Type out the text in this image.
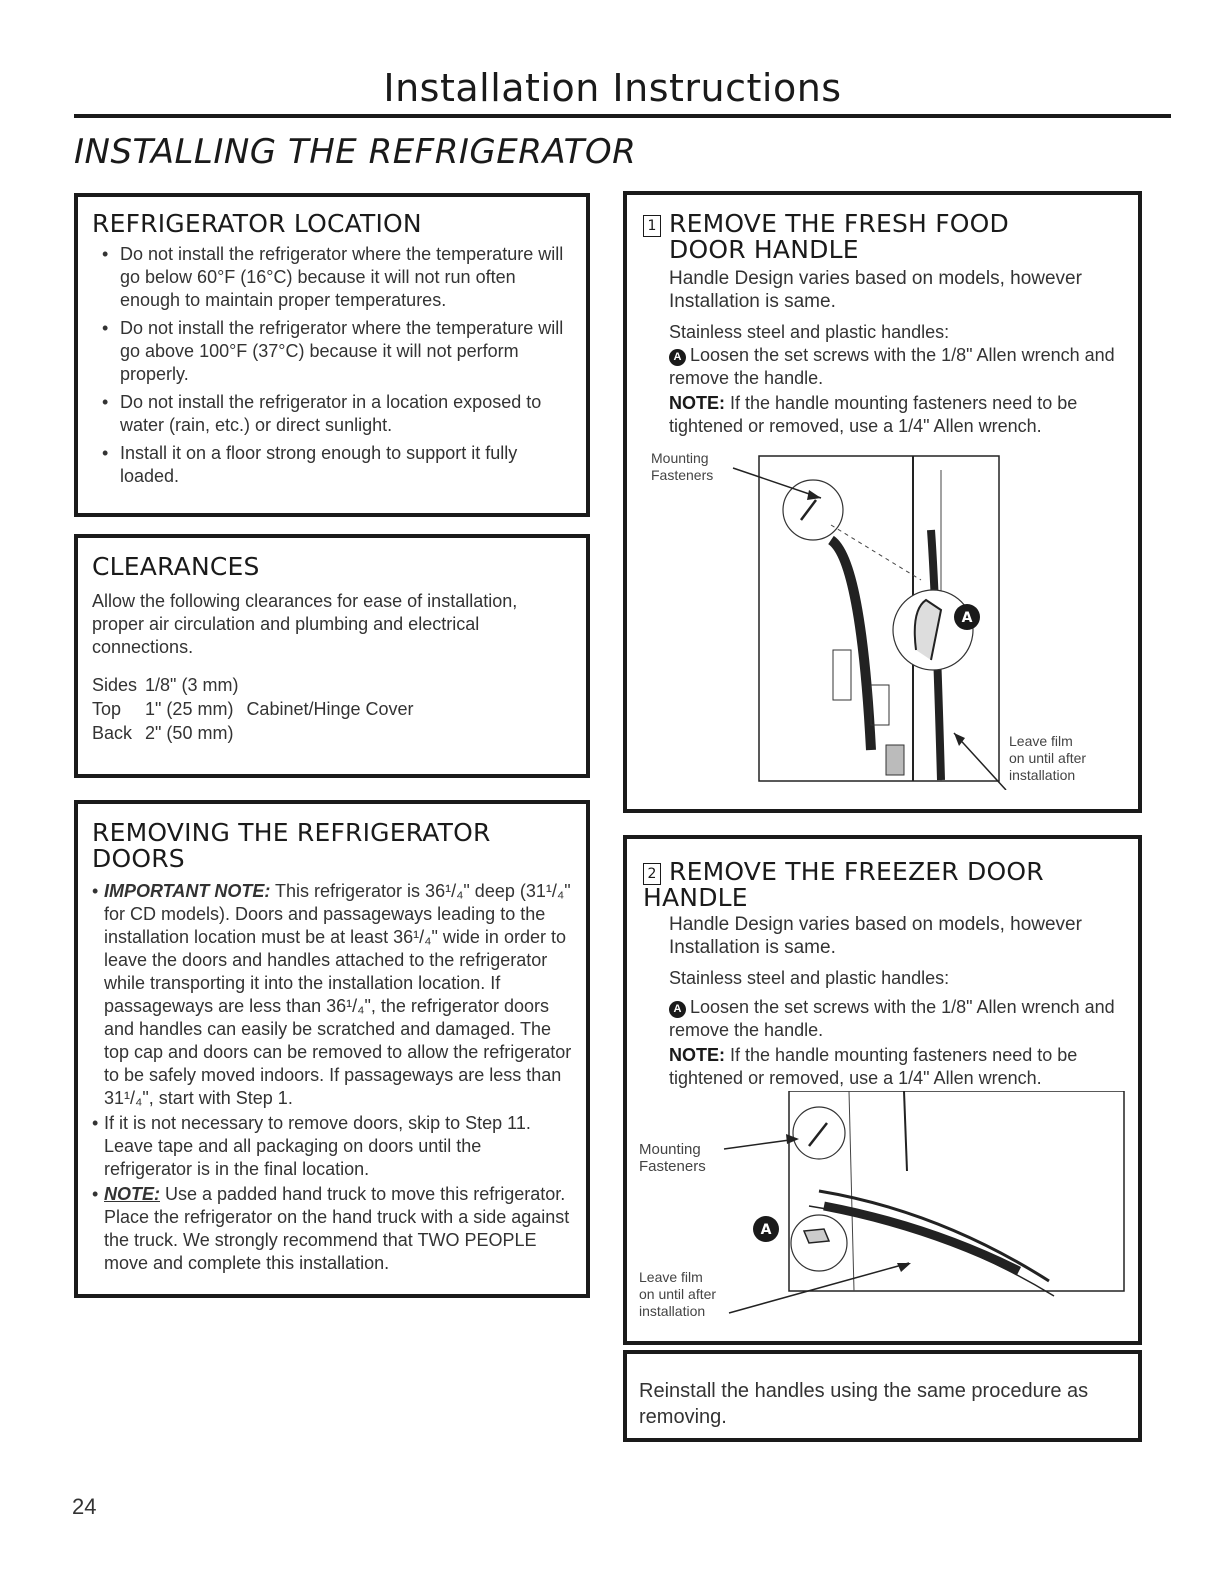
Installation Instructions
INSTALLING THE REFRIGERATOR
REFRIGERATOR LOCATION
• Do not install the refrigerator where the temperature will go below 60°F (16°C) because it will not run often enough to maintain proper temperatures.
• Do not install the refrigerator where the temperature will go above 100°F (37°C) because it will not perform properly.
• Do not install the refrigerator in a location exposed to water (rain, etc.) or direct sunlight.
• Install it on a floor strong enough to support it fully loaded.
CLEARANCES
Allow the following clearances for ease of installation, proper air circulation and plumbing and electrical connections.
Sides	1/8" (3 mm)	
Top	1" (25 mm)	Cabinet/Hinge Cover
Back	2" (50 mm)	
REMOVING THE REFRIGERATOR DOORS
• IMPORTANT NOTE: This refrigerator is 36¹/₄" deep (31¹/₄" for CD models). Doors and passageways leading to the installation location must be at least 36¹/₄" wide in order to leave the doors and handles attached to the refrigerator while transporting it into the installation location. If passageways are less than 36¹/₄", the refrigerator doors and handles can easily be scratched and damaged. The top cap and doors can be removed to allow the refrigerator to be safely moved indoors. If passageways are less than 31¹/₄", start with Step 1.
• If it is not necessary to remove doors, skip to Step 11. Leave tape and all packaging on doors until the refrigerator is in the final location.
• NOTE: Use a padded hand truck to move this refrigerator. Place the refrigerator on the hand truck with a side against the truck. We strongly recommend that TWO PEOPLE move and complete this installation.
1 REMOVE THE FRESH FOOD
DOOR HANDLE
Handle Design varies based on models, however Installation is same.
Stainless steel and plastic handles:
A Loosen the set screws with the 1/8" Allen wrench and remove the handle.
NOTE: If the handle mounting fasteners need to be tightened or removed, use a 1/4" Allen wrench.
Mounting
Fasteners
A
Leave film
on until after
installation
2 REMOVE THE FREEZER DOOR HANDLE
Handle Design varies based on models, however Installation is same.
Stainless steel and plastic handles:
A Loosen the set screws with the 1/8" Allen wrench and remove the handle.
NOTE: If the handle mounting fasteners need to be tightened or removed, use a 1/4" Allen wrench.
A
Mounting
Fasteners
Leave film
on until after
installation
Reinstall the handles using the same procedure as removing.
24
